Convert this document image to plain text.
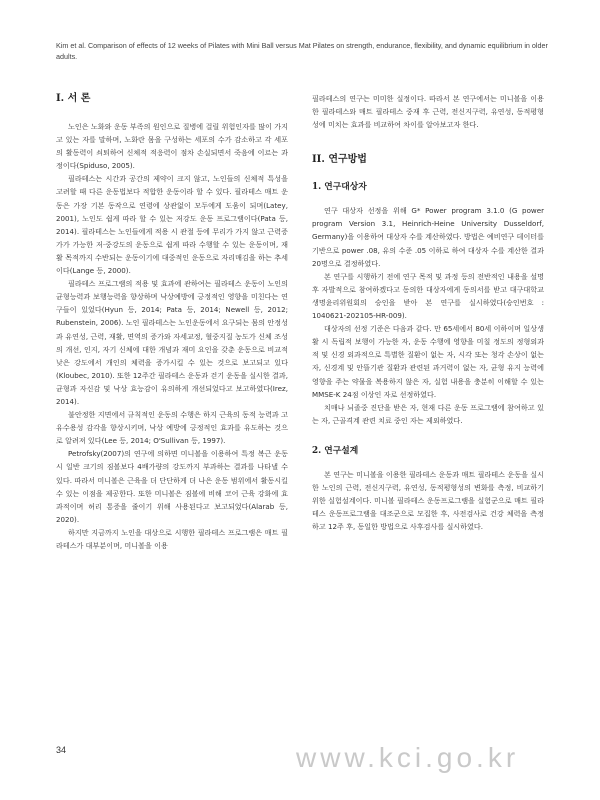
Kim et al. Comparison of effects of 12 weeks of Pilates with Mini Ball versus Mat Pilates on strength, endurance, flexibility, and dynamic equilibrium in older adults.
I. 서 론

노인은 노화와 운동 부족의 원인으로 질병에 걸릴 위험인자를 많이 가지고 있는 자를 말하며, 노화란 몸을 구성하는 세포의 수가 감소하고 각 세포의 활동력이 쇠퇴하여 신체적 적응력이 점차 손실되면서 죽음에 이르는 과정이다(Spiduso, 2005).

필라테스는 시간과 공간의 제약이 크지 않고, 노인들의 신체적 특성을 고려할 때 다른 운동법보다 적합한 운동이라 할 수 있다. 필라테스 매트 운동은 가장 기본 동작으로 연령에 상관없이 모두에게 도움이 되며(Latey, 2001), 노인도 쉽게 따라 할 수 있는 저강도 운동 프로그램이다(Pata 등, 2014). 필라테스는 노인들에게 적용 시 관절 등에 무리가 가지 않고 근력증가가 가능한 저·중강도의 운동으로 쉽게 따라 수행할 수 있는 운동이며, 재활 목적까지 수반되는 운동이기에 대중적인 운동으로 자리매김을 하는 추세이다(Lange 등, 2000).

필라테스 프로그램의 적용 및 효과에 관하여는 필라테스 운동이 노인의 균형능력과 보행능력을 향상하며 낙상예방에 긍정적인 영향을 미친다는 연구들이 있었다(Hyun 등, 2014; Pata 등, 2014; Newell 등, 2012; Rubenstein, 2006). 노인 필라테스는 노인운동에서 요구되는 몸의 안정성과 유연성, 근력, 재활, 면역의 증가와 자세교정, 혈중지질 농도가 신체 조성의 개선, 인지, 자기 신체에 대한 개념과 재미 요인을 갖춘 운동으로 비교적 낮은 강도에서 개인의 체력을 증가시킬 수 있는 것으로 보고되고 있다(Kloubec, 2010). 또한 12주간 필라테스 운동과 걷기 운동을 실시한 결과, 균형과 자신감 및 낙상 효능감이 유의하게 개선되었다고 보고하였다(Irez, 2014).

불안정한 지면에서 규칙적인 운동의 수행은 하지 근육의 동적 능력과 고유수용성 감각을 향상시키며, 낙상 예방에 긍정적인 효과를 유도하는 것으로 알려져 있다(Lee 등, 2014; O'Sullivan 등, 1997).

Petrofsky(2007)의 연구에 의하면 미니볼을 이용하여 특정 복근 운동 시 일반 크기의 짐볼보다 4배가량의 강도까지 부과하는 결과를 나타낼 수 있다. 따라서 미니볼은 근육을 더 단단하게 더 나은 운동 범위에서 활동시킬 수 있는 이점을 제공한다. 또한 미니볼은 짐볼에 비해 코어 근육 강화에 효과적이며 허리 통증을 줄이기 위해 사용된다고 보고되었다(Alarab 등, 2020).

하지만 지금까지 노인을 대상으로 시행한 필라테스 프로그램은 매트 필라테스가 대부분이며, 미니볼을 이용

필라테스의 연구는 미미한 실정이다. 따라서 본 연구에서는 미니볼을 이용한 필라테스와 매트 필라테스 중재 후 근력, 전신지구력, 유연성, 동적평형성에 미치는 효과를 비교하여 차이를 알아보고자 한다.

II. 연구방법
1. 연구대상자

연구 대상자 선정을 위해 G* Power program 3.1.0 (G power program Version 3.1, Heinrich-Heine University Dusseldorf, Germany)을 이용하여 대상자 수를 계산하였다. 방법은 예비연구 데이터를 기반으로 power .08, 유의 수준 .05 이하로 하여 대상자 수를 계산한 결과 20명으로 결정하였다.

본 연구를 시행하기 전에 연구 목적 및 과정 등의 전반적인 내용을 설명 후 자발적으로 참여하겠다고 동의한 대상자에게 동의서를 받고 대구대학교 생명윤리위원회의 승인을 받아 본 연구를 실시하였다(승인번호 : 1040621-202105-HR-009).

대상자의 선정 기준은 다음과 같다. 만 65세에서 80세 이하이며 일상생활 시 독립적 보행이 가능한 자, 운동 수행에 영향을 미칠 정도의 정형외과적 및 신경 외과적으로 특별한 질환이 없는 자, 시각 또는 청각 손상이 없는 자, 신경계 및 안뜰기관 질환과 관련된 과거력이 없는 자, 균형 유지 능력에 영향을 주는 약물을 복용하지 않은 자, 실험 내용을 충분히 이해할 수 있는 MMSE-K 24점 이상인 자로 선정하였다.

치매나 뇌졸중 진단을 받은 자, 현재 다른 운동 프로그램에 참여하고 있는 자, 근골격계 관련 치료 중인 자는 제외하였다.

2. 연구설계

본 연구는 미니볼을 이용한 필라테스 운동과 매트 필라테스 운동을 실시한 노인의 근력, 전신지구력, 유연성, 동적평형성의 변화를 측정, 비교하기 위한 실험설계이다. 미니볼 필라테스 운동프로그램을 실험군으로 매트 필라테스 운동프로그램을 대조군으로 모집한 후, 사전검사로 건강 체력을 측정하고 12주 후, 동일한 방법으로 사후검사를 실시하였다.

34	www.kci.go.kr
